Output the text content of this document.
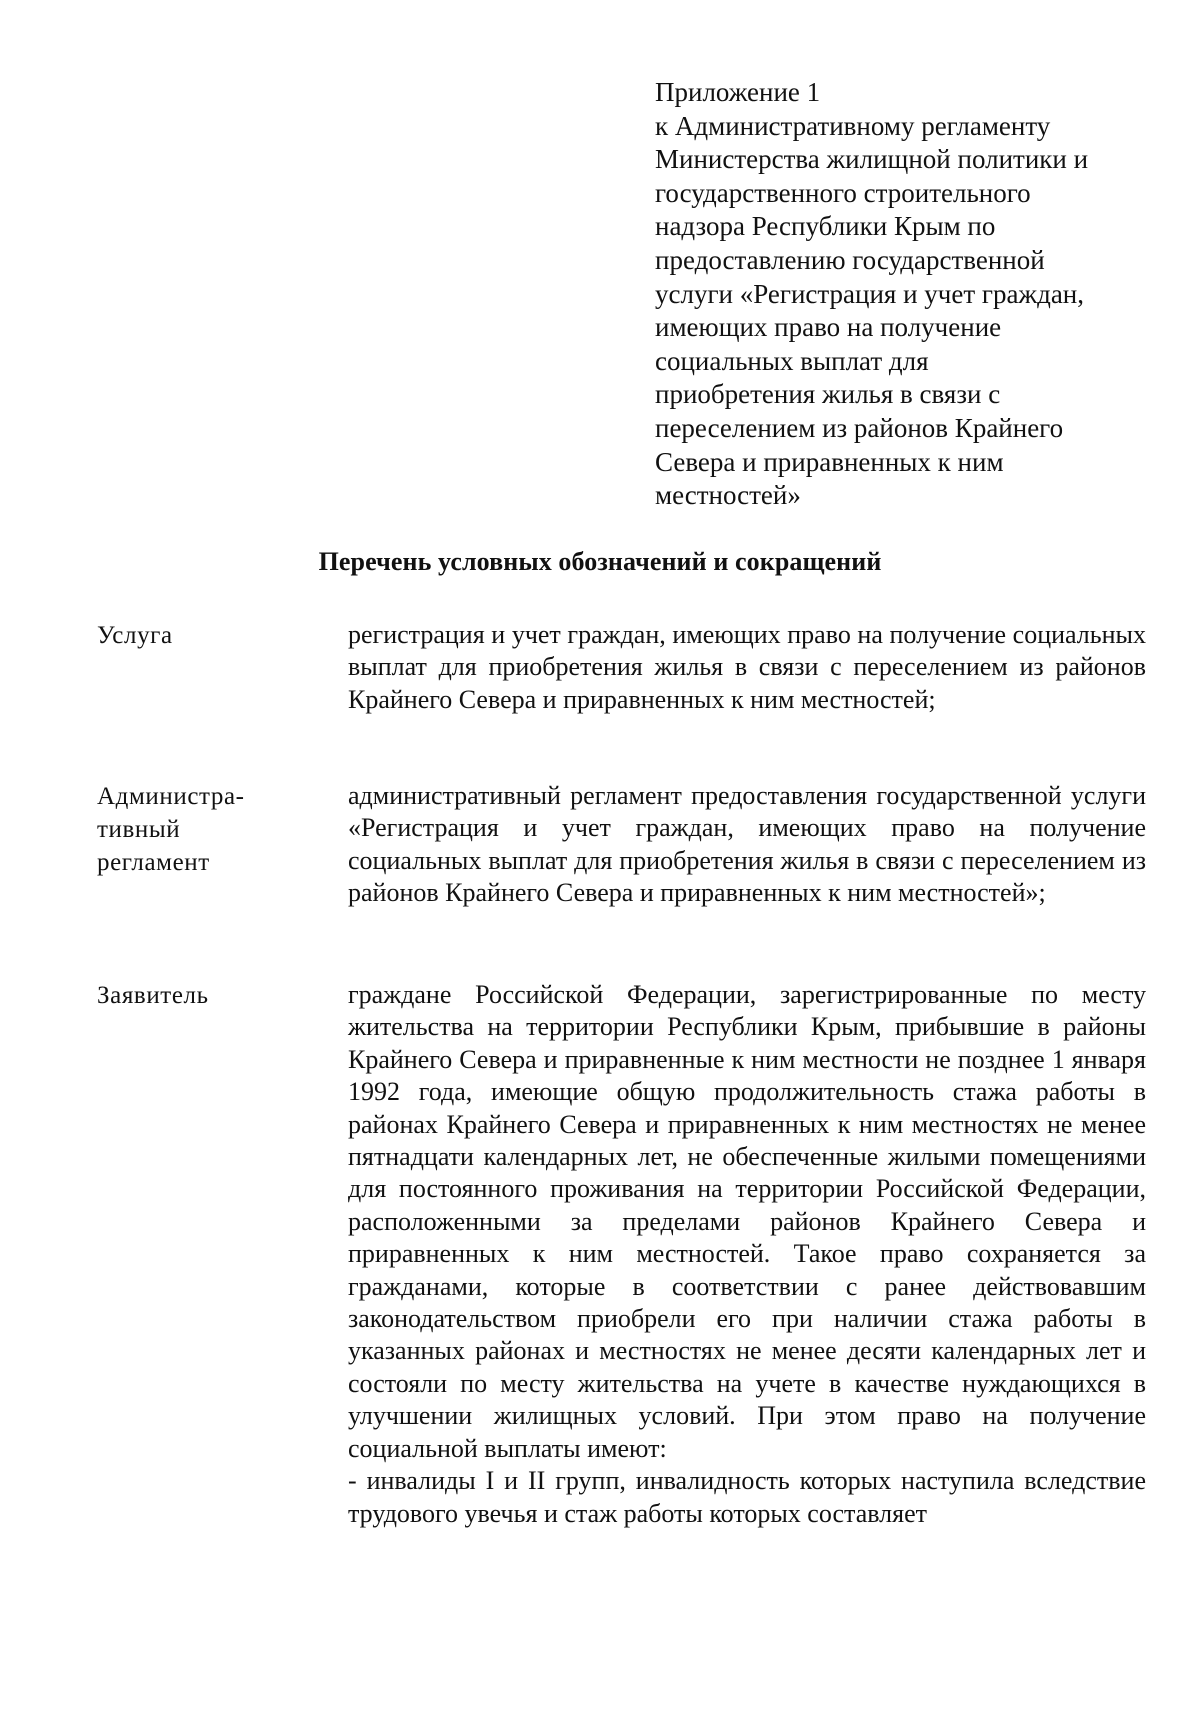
Приложение 1
к Административному регламенту
Министерства жилищной политики и
государственного строительного
надзора Республики Крым по
предоставлению государственной
услуги «Регистрация и учет граждан,
имеющих право на получение
социальных выплат для
приобретения жилья в связи с
переселением из районов Крайнего
Севера и приравненных к ним
местностей»
Перечень условных обозначений и сокращений
Услуга	регистрация и учет граждан, имеющих право на получение социальных выплат для приобретения жилья в связи с переселением из районов Крайнего Севера и приравненных к ним местностей;

Администра-
тивный
регламент

административный регламент предоставления государственной услуги «Регистрация и учет граждан, имеющих право на получение социальных выплат для приобретения жилья в связи с переселением из районов Крайнего Севера и приравненных к ним местностей»;

Заявитель	граждане Российской Федерации, зарегистрированные по месту жительства на территории Республики Крым, прибывшие в районы Крайнего Севера и приравненные к ним местности не позднее 1 января 1992 года, имеющие общую продолжительность стажа работы в районах Крайнего Севера и приравненных к ним местностях не менее пятнадцати календарных лет, не обеспеченные жилыми помещениями для постоянного проживания на территории Российской Федерации, расположенными за пределами районов Крайнего Севера и приравненных к ним местностей. Такое право сохраняется за гражданами, которые в соответствии с ранее действовавшим законодательством приобрели его при наличии стажа работы в указанных районах и местностях не менее десяти календарных лет и состояли по месту жительства на учете в качестве нуждающихся в улучшении жилищных условий. При этом право на получение социальной выплаты имеют:

- инвалиды I и II групп, инвалидность которых наступила вследствие трудового увечья и стаж работы которых составляет
